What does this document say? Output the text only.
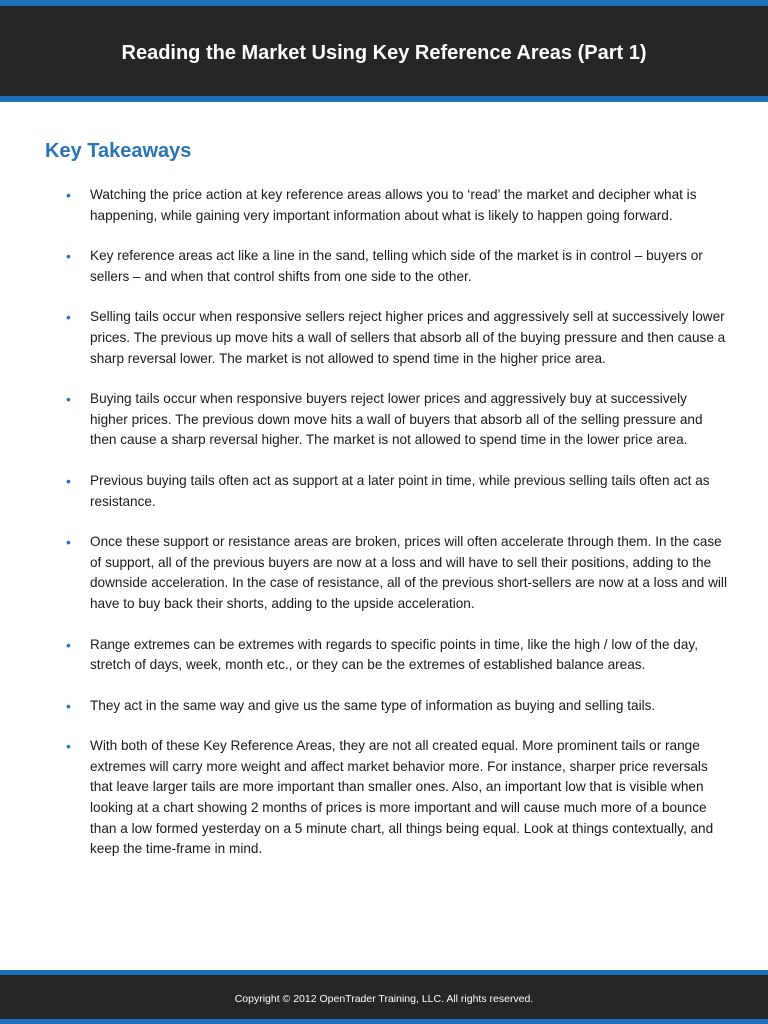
Reading the Market Using Key Reference Areas (Part 1)
Key Takeaways
• Watching the price action at key reference areas allows you to ‘read’ the market and decipher what is happening, while gaining very important information about what is likely to happen going forward.
• Key reference areas act like a line in the sand, telling which side of the market is in control – buyers or sellers – and when that control shifts from one side to the other.
• Selling tails occur when responsive sellers reject higher prices and aggressively sell at successively lower prices. The previous up move hits a wall of sellers that absorb all of the buying pressure and then cause a sharp reversal lower. The market is not allowed to spend time in the higher price area.
• Buying tails occur when responsive buyers reject lower prices and aggressively buy at successively higher prices. The previous down move hits a wall of buyers that absorb all of the selling pressure and then cause a sharp reversal higher. The market is not allowed to spend time in the lower price area.
• Previous buying tails often act as support at a later point in time, while previous selling tails often act as resistance.
• Once these support or resistance areas are broken, prices will often accelerate through them. In the case of support, all of the previous buyers are now at a loss and will have to sell their positions, adding to the downside acceleration. In the case of resistance, all of the previous short-sellers are now at a loss and will have to buy back their shorts, adding to the upside acceleration.
• Range extremes can be extremes with regards to specific points in time, like the high / low of the day, stretch of days, week, month etc., or they can be the extremes of established balance areas.
• They act in the same way and give us the same type of information as buying and selling tails.
• With both of these Key Reference Areas, they are not all created equal. More prominent tails or range extremes will carry more weight and affect market behavior more. For instance, sharper price reversals that leave larger tails are more important than smaller ones. Also, an important low that is visible when looking at a chart showing 2 months of prices is more important and will cause much more of a bounce than a low formed yesterday on a 5 minute chart, all things being equal. Look at things contextually, and keep the time-frame in mind.
Copyright © 2012 OpenTrader Training, LLC. All rights reserved.
